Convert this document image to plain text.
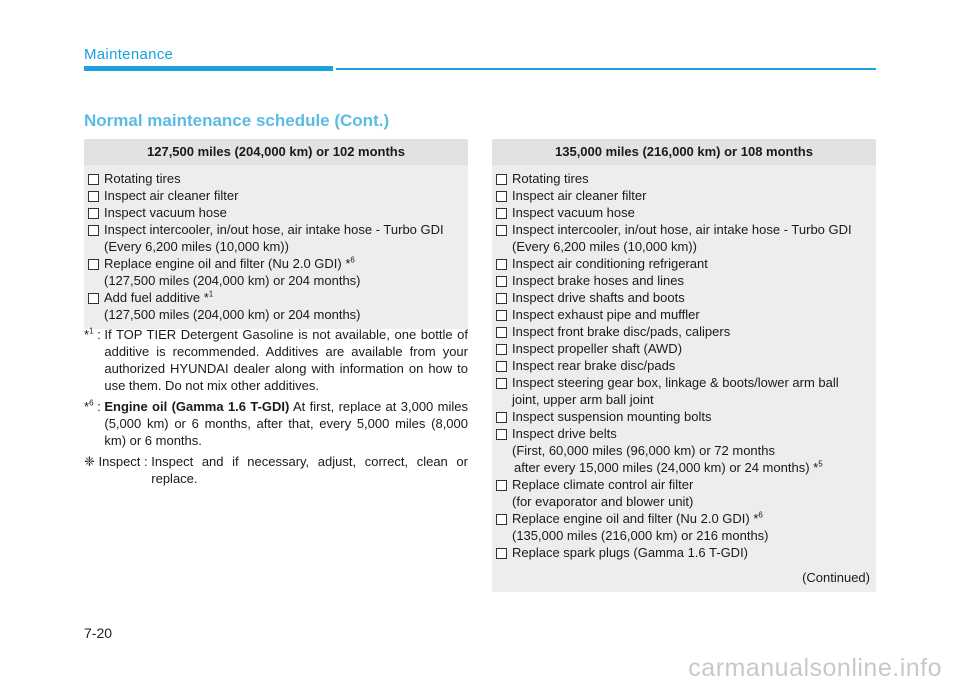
Maintenance
Normal maintenance schedule (Cont.)
127,500 miles (204,000 km) or 102 months
Rotating tires
Inspect air cleaner filter
Inspect vacuum hose
Inspect intercooler, in/out hose, air intake hose - Turbo GDI
(Every 6,200 miles (10,000 km))
Replace engine oil and filter (Nu 2.0 GDI) *$^6$
(127,500 miles (204,000 km) or 204 months)
Add fuel additive *$^1$
(127,500 miles (204,000 km) or 204 months)
*$^1$ : If TOP TIER Detergent Gasoline is not available, one bottle of additive is recommended. Additives are available from your authorized HYUNDAI dealer along with information on how to use them. Do not mix other additives.
*$^6$ : Engine oil (Gamma 1.6 T-GDI) At first, replace at 3,000 miles (5,000 km) or 6 months, after that, every 5,000 miles (8,000 km) or 6 months.
❈ Inspect : Inspect and if necessary, adjust, correct, clean or replace.
135,000 miles (216,000 km) or 108 months
Rotating tires
Inspect air cleaner filter
Inspect vacuum hose
Inspect intercooler, in/out hose, air intake hose - Turbo GDI
(Every 6,200 miles (10,000 km))
Inspect air conditioning refrigerant
Inspect brake hoses and lines
Inspect drive shafts and boots
Inspect exhaust pipe and muffler
Inspect front brake disc/pads, calipers
Inspect propeller shaft (AWD)
Inspect rear brake disc/pads
Inspect steering gear box, linkage & boots/lower arm ball
joint, upper arm ball joint
Inspect suspension mounting bolts
Inspect drive belts
(First, 60,000 miles (96,000 km) or 72 months
after every 15,000 miles (24,000 km) or 24 months) *$^5$
Replace climate control air filter
(for evaporator and blower unit)
Replace engine oil and filter (Nu 2.0 GDI) *$^6$
(135,000 miles (216,000 km) or 216 months)
Replace spark plugs (Gamma 1.6 T-GDI)
(Continued)
7-20
carmanualsonline.info
